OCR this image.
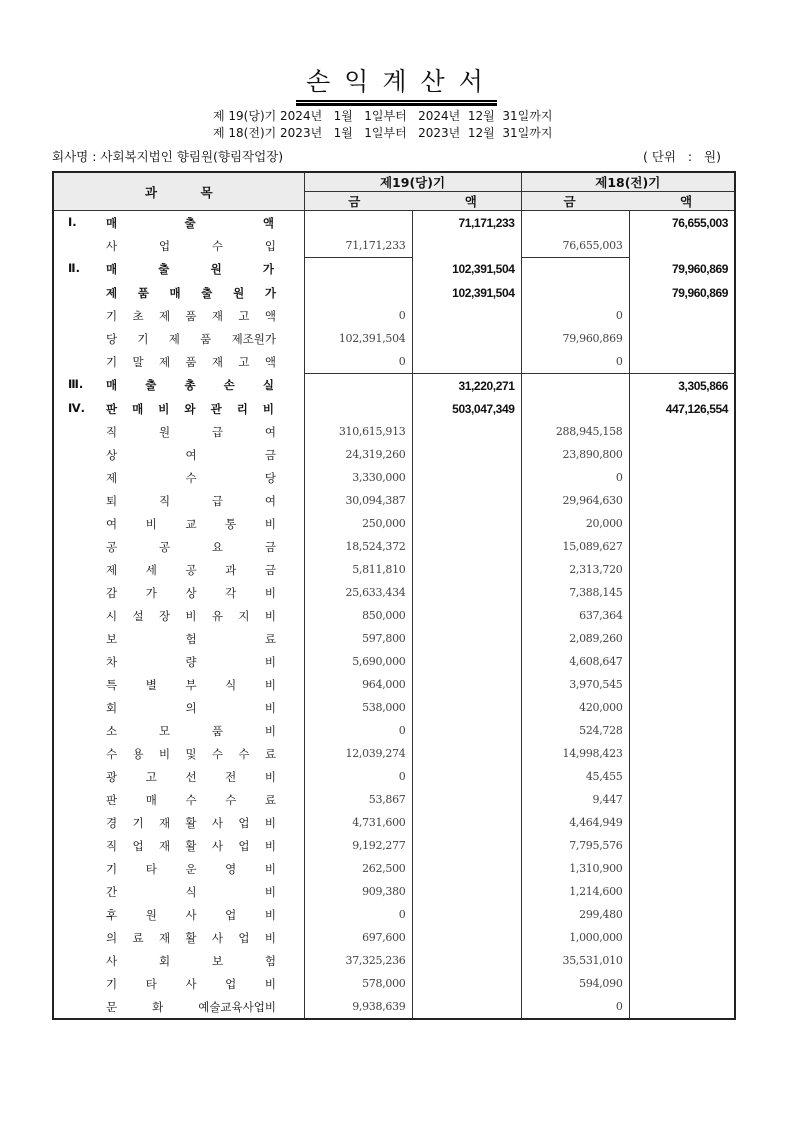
손익계산서
제 19(당)기 2024년   1월   1일부터   2024년  12월  31일까지
제 18(전)기 2023년   1월   1일부터   2023년  12월  31일까지
회사명 : 사회복지법인 향림원(향림작업장)	( 단위   :   원)
과          목	제19(당)기		제18(전)기	
	금                        액		금                        액	

Ⅰ. 매 출 액		71,171,233		76,655,003

사 업 수 입	71,171,233		76,655,003	

Ⅱ. 매 출 원 가		102,391,504		79,960,869

제 품 매 출 원 가		102,391,504		79,960,869

기 초 제 품 재 고 액	0		0	

당 기 제 품 제조원가	102,391,504		79,960,869	

기 말 제 품 재 고 액	0		0	

Ⅲ.	매 출 총 손 실		31,220,271		3,305,866

Ⅳ.	판 매 비 와 관 리 비		503,047,349		447,126,554

직 원 급 여	310,615,913		288,945,158	

상 여 금	24,319,260		23,890,800	

제 수 당	3,330,000		0	

퇴 직 급 여	30,094,387		29,964,630	

여 비 교 통 비	250,000		20,000	

공 공 요 금	18,524,372		15,089,627	

제 세 공 과 금	5,811,810		2,313,720	

감 가 상 각 비	25,633,434		7,388,145	

시 설 장 비 유 지 비	850,000		637,364	

보 험 료	597,800		2,089,260	

차 량 비	5,690,000		4,608,647	

특 별 부 식 비	964,000		3,970,545	

회 의 비	538,000		420,000	

소 모 품 비	0		524,728	

수 용 비 및 수 수 료	12,039,274		14,998,423	

광 고 선 전 비	0		45,455	

판 매 수 수 료	53,867		9,447	

경 기 재 활 사 업 비	4,731,600		4,464,949	

직 업 재 활 사 업 비	9,192,277		7,795,576	

기 타 운 영 비	262,500		1,310,900	

간 식 비	909,380		1,214,600	

후 원 사 업 비	0		299,480	

의 료 재 활 사 업 비	697,600		1,000,000	

사 회 보 험	37,325,236		35,531,010	

기 타 사 업 비	578,000		594,090	

문 화 예술교육사업비	9,938,639		0	
